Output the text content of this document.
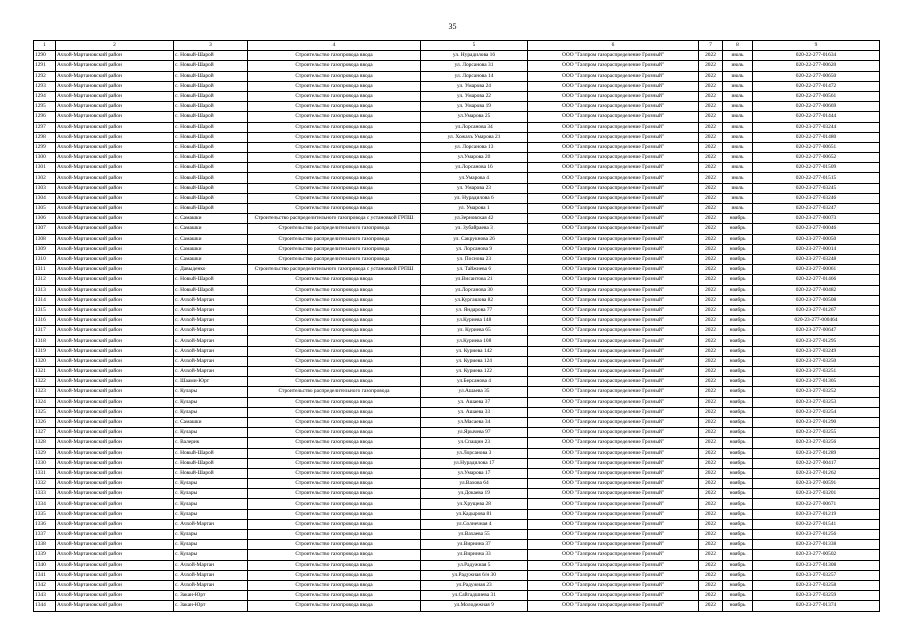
35
1	2	3	4	5	6	7	8	9
1290	Ачхой-Мартановский район	с. Новый-Шарой	Строительство газопровода ввода	ул. Нурадилова 16	ООО "Газпром газораспределение Грозный"	2022	июль	020-22-277-01634
1291	Ачхой-Мартановский район	с. Новый-Шарой	Строительство газопровода ввода	ул. Лорсанова 31	ООО "Газпром газораспределение Грозный"	2022	июль	020-22-277-00620
1292	Ачхой-Мартановский район	с. Новый-Шарой	Строительство газопровода ввода	ул. Лорсанова 14	ООО "Газпром газораспределение Грозный"	2022	июль	020-22-277-00650
1293	Ачхой-Мартановский район	с. Новый-Шарой	Строительство газопровода ввода	ул. Умарова 24	ООО "Газпром газораспределение Грозный"	2022	июль	020-22-277-01472
1294	Ачхой-Мартановский район	с. Новый-Шарой	Строительство газопровода ввода	ул. Умарова 22	ООО "Газпром газораспределение Грозный"	2022	июль	020-22-277-00561
1295	Ачхой-Мартановский район	с. Новый-Шарой	Строительство газопровода ввода	ул. Умарова 19	ООО "Газпром газораспределение Грозный"	2022	июль	020-22-277-00669
1296	Ачхой-Мартановский район	с. Новый-Шарой	Строительство газопровода ввода	ул.Умарова 25	ООО "Газпром газораспределение Грозный"	2022	июль	020-22-277-01444
1297	Ачхой-Мартановский район	с. Новый-Шарой	Строительство газопровода ввода	ул.Лорсанова 34	ООО "Газпром газораспределение Грозный"	2022	июль	020-23-277-03244
1298	Ачхой-Мартановский район	с. Новый-Шарой	Строительство газопровода ввода	ул. Хожахъ Умарова 21	ООО "Газпром газораспределение Грозный"	2022	июль	020-22-277-01480
1299	Ачхой-Мартановский район	с. Новый-Шарой	Строительство газопровода ввода	ул. Лорсанова 13	ООО "Газпром газораспределение Грозный"	2022	июль	020-22-277-00651
1300	Ачхой-Мартановский район	с. Новый-Шарой	Строительство газопровода ввода	ул.Умарова 20	ООО "Газпром газораспределение Грозный"	2022	июль	020-22-277-00652
1301	Ачхой-Мартановский район	с. Новый-Шарой	Строительство газопровода ввода	ул.Лорсанова 16	ООО "Газпром газораспределение Грозный"	2022	июль	020-22-277-01509
1302	Ачхой-Мартановский район	с. Новый-Шарой	Строительство газопровода ввода	ул.Умарова 4	ООО "Газпром газораспределение Грозный"	2022	июль	020-22-277-01515
1303	Ачхой-Мартановский район	с. Новый-Шарой	Строительство газопровода ввода	ул. Умарова 23	ООО "Газпром газораспределение Грозный"	2022	июль	020-23-277-03245
1304	Ачхой-Мартановский район	с. Новый-Шарой	Строительство газопровода ввода	ул. Нурадилова 6	ООО "Газпром газораспределение Грозный"	2022	июль	020-23-277-03246
1305	Ачхой-Мартановский район	с. Новый-Шарой	Строительство газопровода ввода	ул. Умарова 1	ООО "Газпром газораспределение Грозный"	2022	июль	020-23-277-03247
1306	Ачхой-Мартановский район	с. Самашки	Строительство распределительного газопровода с установкой ГРПШ	ул.Зерновская 42	ООО "Газпром газораспределение Грозный"	2022	ноябрь	020-23-277-00073
1307	Ачхой-Мартановский район	с. Самашки	Строительство распределительного газопровода	ул. Зубайраева 3	ООО "Газпром газораспределение Грозный"	2022	ноябрь	020-23-277-00046
1308	Ачхой-Мартановский район	с. Самашки	Строительство распределительного газопровода	ул. Сакрукнова 26	ООО "Газпром газораспределение Грозный"	2022	ноябрь	020-23-277-00050
1309	Ачхой-Мартановский район	с. Самашки	Строительство распределительного газопровода	ул. Лорсанова 9	ООО "Газпром газораспределение Грозный"	2022	ноябрь	020-23-277-00014
1310	Ачхой-Мартановский район	с. Самашки	Строительство распределительного газопровода	ул. Поснова 23	ООО "Газпром газораспределение Грозный"	2022	ноябрь	020-23-277-03248
1311	Ачхой-Мартановский район	с. Давыденко	Строительство распределительного газопровода с установкой ГРПШ	ул. Тайжиева 6	ООО "Газпром газораспределение Грозный"	2022	ноябрь	020-23-277-00061
1312	Ачхой-Мартановский район	с. Новый-Шарой	Строительство газопровода ввода	ул.Висаитова 21	ООО "Газпром газораспределение Грозный"	2022	ноябрь	020-22-277-01466
1313	Ачхой-Мартановский район	с. Новый-Шарой	Строительство газопровода ввода	ул.Лорсанова 30	ООО "Газпром газораспределение Грозный"	2022	ноябрь	020-22-277-00482
1314	Ачхой-Мартановский район	с. Ачхой-Мартан	Строительство газопровода ввода	ул.Кургашова 82	ООО "Газпром газораспределение Грозный"	2022	ноябрь	020-23-277-00508
1315	Ачхой-Мартановский район	с. Ачхой-Мартан	Строительство газопровода ввода	ул. Яндарова 77	ООО "Газпром газораспределение Грозный"	2022	ноябрь	020-23-277-01267
1316	Ачхой-Мартановский район	с. Ачхой-Мартан	Строительство газопровода ввода	ул.Куриева 148	ООО "Газпром газораспределение Грозный"	2022	ноябрь	020-23-277-000464
1317	Ачхой-Мартановский район	с. Ачхой-Мартан	Строительство газопровода ввода	ул. Куриева 65	ООО "Газпром газораспределение Грозный"	2022	ноябрь	020-23-277-00647
1318	Ачхой-Мартановский район	с. Ачхой-Мартан	Строительство газопровода ввода	ул.Куриева 108	ООО "Газпром газораспределение Грозный"	2022	ноябрь	020-23-277-01295
1319	Ачхой-Мартановский район	с. Ачхой-Мартан	Строительство газопровода ввода	ул. Куриева 142	ООО "Газпром газораспределение Грозный"	2022	ноябрь	020-23-277-03249
1320	Ачхой-Мартановский район	с. Ачхой-Мартан	Строительство газопровода ввода	ул. Куриева 124	ООО "Газпром газораспределение Грозный"	2022	ноябрь	020-23-277-03250
1321	Ачхой-Мартановский район	с. Ачхой-Мартан	Строительство газопровода ввода	ул. Куриева 122	ООО "Газпром газораспределение Грозный"	2022	ноябрь	020-23-277-03251
1322	Ачхой-Мартановский район	с. Шаами-Юрт	Строительство газопровода ввода	ул.Берсанова 4	ООО "Газпром газораспределение Грозный"	2022	ноябрь	020-23-277-01305
1323	Ачхой-Мартановский район	с. Кулары	Строительство распределительного газопровода	ул.Ашаева 35	ООО "Газпром газораспределение Грозный"	2022	ноябрь	020-23-277-03252
1324	Ачхой-Мартановский район	с. Кулары	Строительство газопровода ввода	ул. Ашаева 37	ООО "Газпром газораспределение Грозный"	2022	ноябрь	020-23-277-03253
1325	Ачхой-Мартановский район	с. Кулары	Строительство газопровода ввода	ул. Ашаева 33	ООО "Газпром газораспределение Грозный"	2022	ноябрь	020-23-277-03254
1326	Ачхой-Мартановский район	с. Самашки	Строительство газопровода ввода	ул.Масаева 34	ООО "Газпром газораспределение Грозный"	2022	ноябрь	020-23-277-01290
1327	Ачхой-Мартановский район	с. Кулары	Строительство газопровода ввода	ул.Ярычева 97	ООО "Газпром газораспределение Грозный"	2022	ноябрь	020-23-277-03255
1328	Ачхой-Мартановский район	с. Валерик	Строительство газопровода ввода	ул.Спащин 23	ООО "Газпром газораспределение Грозный"	2022	ноябрь	020-23-277-03256
1329	Ачхой-Мартановский район	с. Новый-Шарой	Строительство газопровода ввода	ул.Лорсанова 3	ООО "Газпром газораспределение Грозный"	2022	ноябрь	020-23-277-01289
1330	Ачхой-Мартановский район	с. Новый-Шарой	Строительство газопровода ввода	ул.Нурадилова 17	ООО "Газпром газораспределение Грозный"	2022	ноябрь	020-22-277-00417
1331	Ачхой-Мартановский район	с. Новый-Шарой	Строительство газопровода ввода	ул.Умарова 17	ООО "Газпром газораспределение Грозный"	2022	ноябрь	020-23-277-01262
1332	Ачхой-Мартановский район	с. Кулары	Строительство газопровода ввода	ул.Вахова 64	ООО "Газпром газораспределение Грозный"	2022	ноябрь	020-23-277-00591
1333	Ачхой-Мартановский район	с. Кулары	Строительство газопровода ввода	ул.Докаева 19	ООО "Газпром газораспределение Грозный"	2022	ноябрь	020-23-277-03201
1334	Ачхой-Мартановский район	с. Кулары	Строительство газопровода ввода	ул.Хрущева 28	ООО "Газпром газораспределение Грозный"	2022	ноябрь	020-22-277-00671
1335	Ачхой-Мартановский район	с. Кулары	Строительство газопровода ввода	ул.Кадырова 81	ООО "Газпром газораспределение Грозный"	2022	ноябрь	020-23-277-01219
1336	Ачхой-Мартановский район	с. Ачхой-Мартан	Строительство газопровода ввода	ул.Солнечная 4	ООО "Газпром газораспределение Грозный"	2022	ноябрь	020-22-277-01541
1337	Ачхой-Мартановский район	с. Кулары	Строительство газопровода ввода	ул.Вахаева 55	ООО "Газпром газораспределение Грозный"	2022	ноябрь	020-23-277-01256
1338	Ачхой-Мартановский район	с. Кулары	Строительство газопровода ввода	ул.Вирнина 37	ООО "Газпром газораспределение Грозный"	2022	ноябрь	020-23-277-01338
1339	Ачхой-Мартановский район	с. Кулары	Строительство газопровода ввода	ул.Вирнина 33	ООО "Газпром газораспределение Грозный"	2022	ноябрь	020-23-277-00502
1340	Ачхой-Мартановский район	с. Ачхой-Мартан	Строительство газопровода ввода	ул.Радужная 5	ООО "Газпром газораспределение Грозный"	2022	ноябрь	020-23-277-01308
1341	Ачхой-Мартановский район	с. Ачхой-Мартан	Строительство газопровода ввода	ул.Радужная 6/н 30	ООО "Газпром газораспределение Грозный"	2022	ноябрь	020-23-277-03257
1342	Ачхой-Мартановский район	с. Ачхой-Мартан	Строительство газопровода ввода	ул.Радужная 23	ООО "Газпром газораспределение Грозный"	2022	ноябрь	020-23-277-03258
1343	Ачхой-Мартановский район	с. Закан-Юрт	Строительство газопровода ввода	ул.Сайгадшиева 31	ООО "Газпром газораспределение Грозный"	2022	ноябрь	020-23-277-03259
1344	Ачхой-Мартановский район	с. Закан-Юрт	Строительство газопровода ввода	ул.Молодежная 9	ООО "Газпром газораспределение Грозный"	2022	ноябрь	020-23-277-01374
